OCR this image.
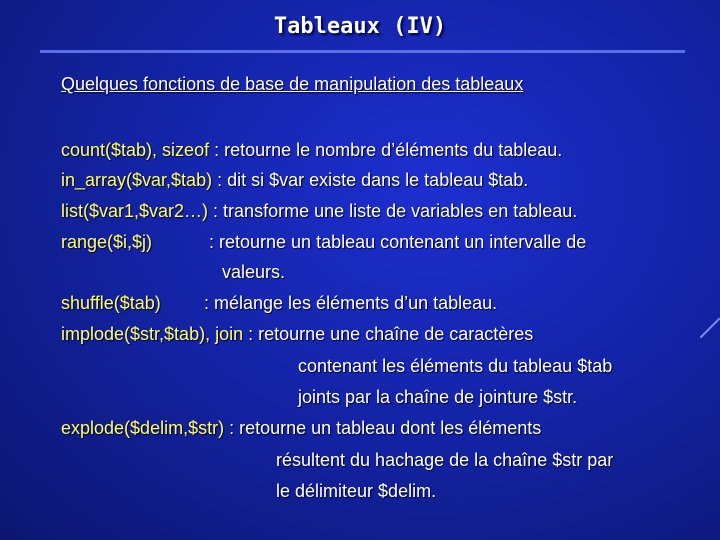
Tableaux (IV)
Quelques fonctions de base de manipulation des tableaux
count($tab), sizeof : retourne le nombre d’éléments du tableau.
in_array($var,$tab) : dit si $var existe dans le tableau $tab.
list($var1,$var2…) : transforme une liste de variables en tableau.
range($i,$j)	: retourne un tableau contenant un intervalle de
valeurs.
shuffle($tab) : mélange les éléments d’un tableau.
implode($str,$tab), join : retourne une chaîne de caractères
contenant les éléments du tableau $tab
joints par la chaîne de jointure $str.
explode($delim,$str) : retourne un tableau dont les éléments
résultent du hachage de la chaîne $str par
le délimiteur $delim.
